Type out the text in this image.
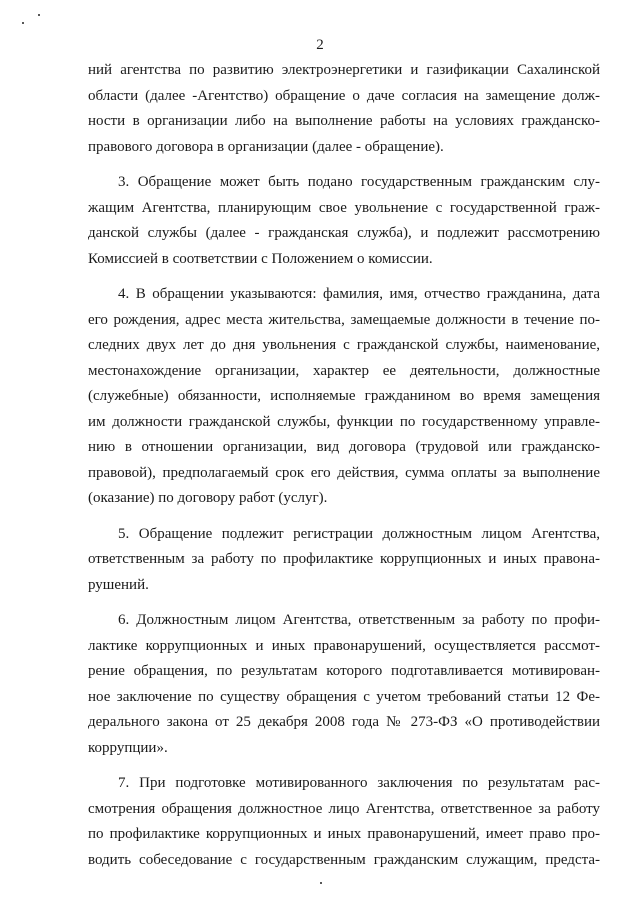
2
ний агентства по развитию электроэнергетики и газификации Сахалинской
области (далее -Агентство) обращение о даче согласия на замещение долж-
ности в организации либо на выполнение работы на условиях гражданско-
правового договора в организации (далее - обращение).
3. Обращение может быть подано государственным гражданским слу-
жащим Агентства, планирующим свое увольнение с государственной граж-
данской службы (далее - гражданская служба), и подлежит рассмотрению
Комиссией в соответствии с Положением о комиссии.
4. В обращении указываются: фамилия, имя, отчество гражданина, дата
его рождения, адрес места жительства, замещаемые должности в течение по-
следних двух лет до дня увольнения с гражданской службы, наименование,
местонахождение организации, характер ее деятельности, должностные
(служебные) обязанности, исполняемые гражданином во время замещения
им должности гражданской службы, функции по государственному управле-
нию в отношении организации, вид договора (трудовой или гражданско-
правовой), предполагаемый срок его действия, сумма оплаты за выполнение
(оказание) по договору работ (услуг).
5. Обращение подлежит регистрации должностным лицом Агентства,
ответственным за работу по профилактике коррупционных и иных правона-
рушений.
6. Должностным лицом Агентства, ответственным за работу по профи-
лактике коррупционных и иных правонарушений, осуществляется рассмот-
рение обращения, по результатам которого подготавливается мотивирован-
ное заключение по существу обращения с учетом требований статьи 12 Фе-
дерального закона от 25 декабря 2008 года № 273-ФЗ «О противодействии
коррупции».
7. При подготовке мотивированного заключения по результатам рас-
смотрения обращения должностное лицо Агентства, ответственное за работу
по профилактике коррупционных и иных правонарушений, имеет право про-
водить собеседование с государственным гражданским служащим, предста-
